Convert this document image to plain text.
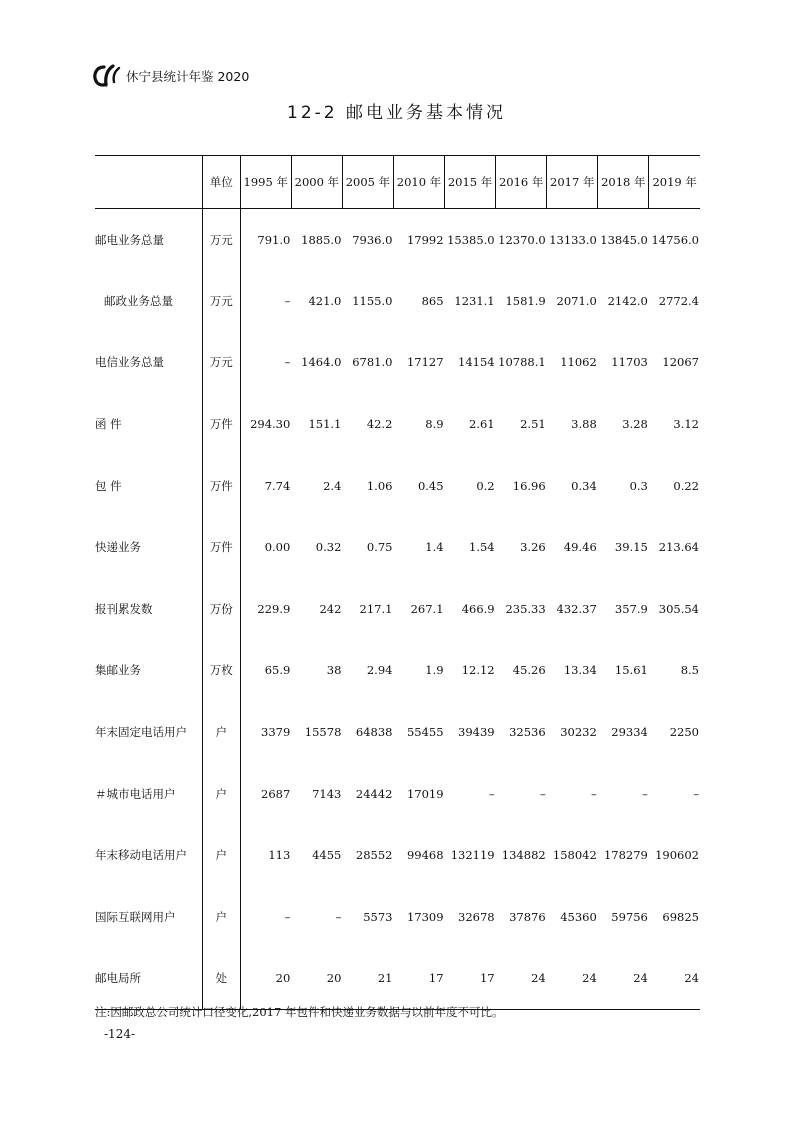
休宁县统计年鉴 2020
12-2 邮电业务基本情况
	单位	1995 年	2000 年	2005 年	2010 年	2015 年	2016 年	2017 年	2018 年	2019 年
邮电业务总量	万元	791.0	1885.0	7936.0	17992	15385.0	12370.0	13133.0	13845.0	14756.0
邮政业务总量	万元	–	421.0	1155.0	865	1231.1	1581.9	2071.0	2142.0	2772.4
电信业务总量	万元	–	1464.0	6781.0	17127	14154	10788.1	11062	11703	12067
函 件	万件	294.30	151.1	42.2	8.9	2.61	2.51	3.88	3.28	3.12
包 件	万件	7.74	2.4	1.06	0.45	0.2	16.96	0.34	0.3	0.22
快递业务	万件	0.00	0.32	0.75	1.4	1.54	3.26	49.46	39.15	213.64
报刊累发数	万份	229.9	242	217.1	267.1	466.9	235.33	432.37	357.9	305.54
集邮业务	万枚	65.9	38	2.94	1.9	12.12	45.26	13.34	15.61	8.5
年末固定电话用户	户	3379	15578	64838	55455	39439	32536	30232	29334	2250
＃城市电话用户	户	2687	7143	24442	17019	–	–	–	–	–
年末移动电话用户	户	113	4455	28552	99468	132119	134882	158042	178279	190602
国际互联网用户	户	–	–	5573	17309	32678	37876	45360	59756	69825
邮电局所	处	20	20	21	17	17	24	24	24	24
注:因邮政总公司统计口径变化,2017 年包件和快递业务数据与以前年度不可比。
-124-
